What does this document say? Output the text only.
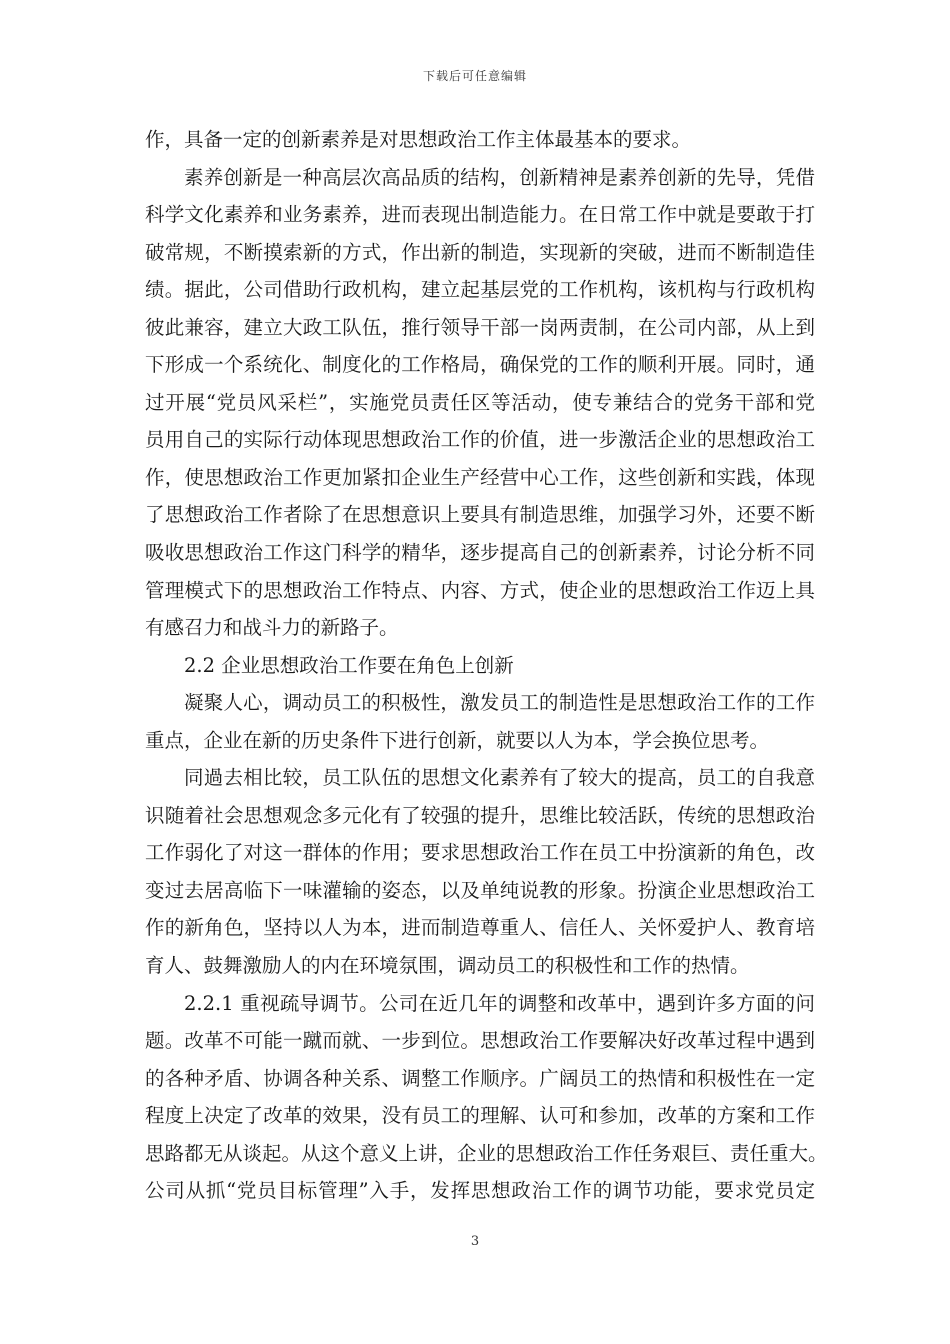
下载后可任意编辑
作，具备一定的创新素养是对思想政治工作主体最基本的要求。
素养创新是一种高层次高品质的结构，创新精神是素养创新的先导，凭借
科学文化素养和业务素养，进而表现出制造能力。在日常工作中就是要敢于打
破常规，不断摸索新的方式，作出新的制造，实现新的突破，进而不断制造佳
绩。据此，公司借助行政机构，建立起基层党的工作机构，该机构与行政机构
彼此兼容，建立大政工队伍，推行领导干部一岗两责制，在公司内部，从上到
下形成一个系统化、制度化的工作格局，确保党的工作的顺利开展。同时，通
过开展“党员风采栏”，实施党员责任区等活动，使专兼结合的党务干部和党
员用自己的实际行动体现思想政治工作的价值，进一步激活企业的思想政治工
作，使思想政治工作更加紧扣企业生产经营中心工作，这些创新和实践，体现
了思想政治工作者除了在思想意识上要具有制造思维，加强学习外，还要不断
吸收思想政治工作这门科学的精华，逐步提高自己的创新素养，讨论分析不同
管理模式下的思想政治工作特点、内容、方式，使企业的思想政治工作迈上具
有感召力和战斗力的新路子。
2.2 企业思想政治工作要在角色上创新
凝聚人心，调动员工的积极性，激发员工的制造性是思想政治工作的工作
重点，企业在新的历史条件下进行创新，就要以人为本，学会换位思考。
同過去相比较，员工队伍的思想文化素养有了较大的提高，员工的自我意
识随着社会思想观念多元化有了较强的提升，思维比较活跃，传统的思想政治
工作弱化了对这一群体的作用；要求思想政治工作在员工中扮演新的角色，改
变过去居高临下一味灌输的姿态，以及单纯说教的形象。扮演企业思想政治工
作的新角色，坚持以人为本，进而制造尊重人、信任人、关怀爱护人、教育培
育人、鼓舞激励人的内在环境氛围，调动员工的积极性和工作的热情。
2.2.1 重视疏导调节。公司在近几年的调整和改革中，遇到许多方面的问
题。改革不可能一蹴而就、一步到位。思想政治工作要解决好改革过程中遇到
的各种矛盾、协调各种关系、调整工作顺序。广阔员工的热情和积极性在一定
程度上决定了改革的效果，没有员工的理解、认可和参加，改革的方案和工作
思路都无从谈起。从这个意义上讲，企业的思想政治工作任务艰巨、责任重大。
公司从抓“党员目标管理”入手，发挥思想政治工作的调节功能，要求党员定
3
